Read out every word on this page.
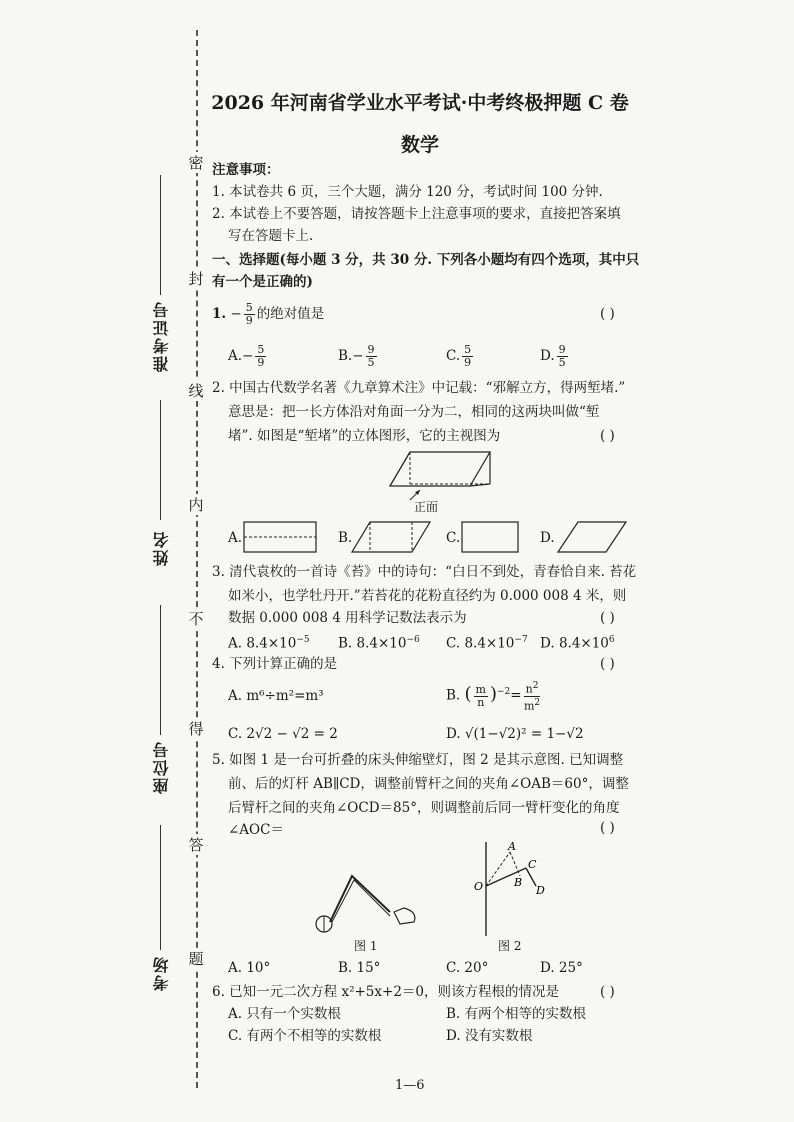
密
封
线
内
不
得
答
题
准考证号
姓名
座位号
考场
2026 年河南省学业水平考试·中考终极押题 C 卷
数学
注意事项：
1. 本试卷共 6 页，三个大题，满分 120 分，考试时间 100 分钟.
2. 本试卷上不要答题，请按答题卡上注意事项的要求，直接把答案填
写在答题卡上.
一、选择题(每小题 3 分，共 30 分. 下列各小题均有四个选项，其中只
有一个是正确的)
1. − $\frac{5}{9}$ 的绝对值是	( )
$A.- \frac{5}{9}$	$B.- \frac{9}{5}$	C. $\frac{5}{9}$	D. $\frac{9}{5}$
2. 中国古代数学名著《九章算术注》中记载：“邪解立方，得两堑堵.”
意思是：把一长方体沿对角面一分为二，相同的这两块叫做“堑
堵”. 如图是“堑堵”的立体图形，它的主视图为	( )
正面
A.	B.	C.	D.
3. 清代袁枚的一首诗《苔》中的诗句：“白日不到处，青春恰自来. 苔花
如米小，也学牡丹开.”若苔花的花粉直径约为 0.000 008 4 米，则
数据 0.000 008 4 用科学记数法表示为	( )
A. $8.4\times 10^{-5}$ B. $8.4\times 10^{-6}$ C. $8.4\times 10^{-7}$ D. $8.4\times 10^6$
4. 下列计算正确的是	( )
A. m⁶÷m²=m³	B. ( $\frac{m}{n} )^{-2}= \frac{n^2}{m^2}$
C. 2√2 − √2 = 2	D. √(1−√2)² = 1−√2
5. 如图 1 是一台可折叠的床头伸缩壁灯，图 2 是其示意图. 已知调整
前、后的灯杆 AB∥CD，调整前臂杆之间的夹角∠OAB＝60°，调整
后臂杆之间的夹角∠OCD＝85°，则调整前后同一臂杆变化的角度
∠AOC＝	( )
图 1
O
A
B
C
D
图 2
A. 10°	B. 15°	C. 20°	D. 25°
6. 已知一元二次方程 x²+5x+2＝0，则该方程根的情况是	( )
A. 只有一个实数根	B. 有两个相等的实数根
C. 有两个不相等的实数根	D. 没有实数根
1—6
